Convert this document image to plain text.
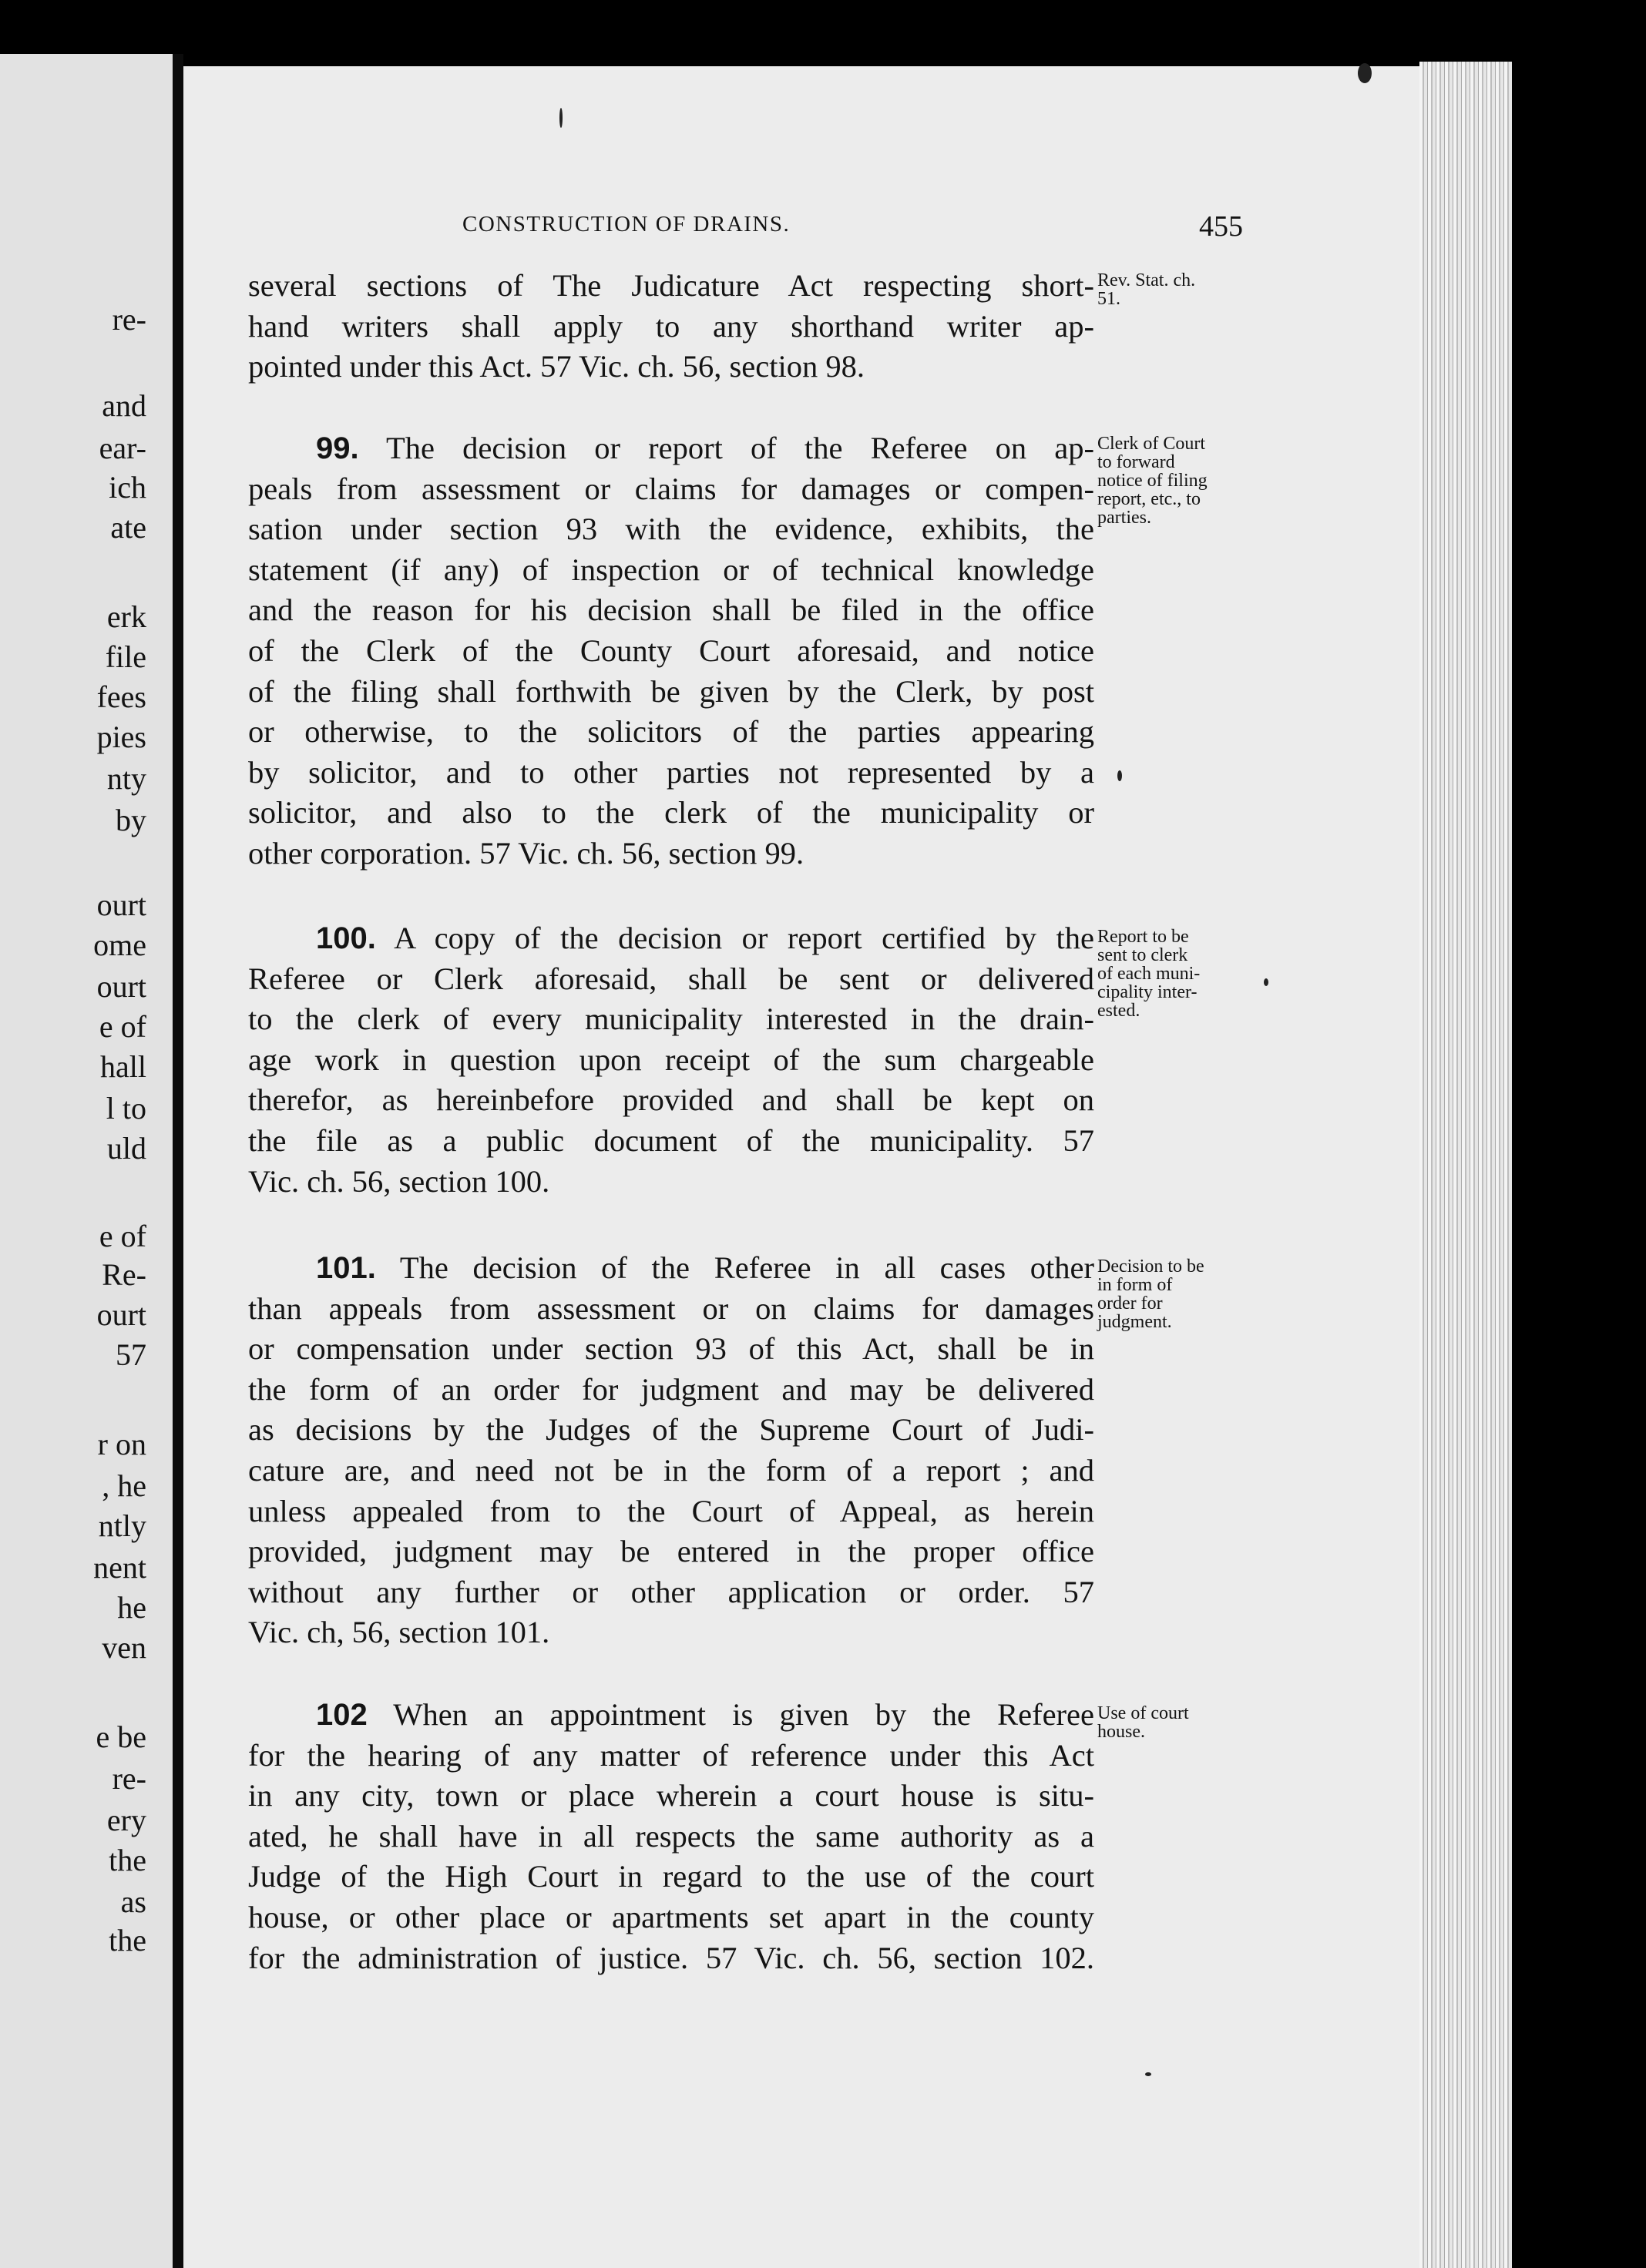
re-
and
ear-
ich
ate
erk
file
fees
pies
nty
by
ourt
ome
ourt
e of
hall
l to
uld
e of
Re-
ourt
57
r on
, he
ntly
nent
he
ven
e be
re-
ery
the
as
the
CONSTRUCTION OF DRAINS.	455
several sections of The Judicature Act respecting short-
hand writers shall apply to any shorthand writer ap-
pointed under this Act. 57 Vic. ch. 56, section 98.
Rev. Stat. ch.
51.
99. The decision or report of the Referee on ap-
peals from assessment or claims for damages or compen-
sation under section 93 with the evidence, exhibits, the
statement (if any) of inspection or of technical knowledge
and the reason for his decision shall be filed in the office
of the Clerk of the County Court aforesaid, and notice
of the filing shall forthwith be given by the Clerk, by post
or otherwise, to the solicitors of the parties appearing
by solicitor, and to other parties not represented by a
solicitor, and also to the clerk of the municipality or
other corporation. 57 Vic. ch. 56, section 99.
Clerk of Court
to forward
notice of filing
report, etc., to
parties.
100. A copy of the decision or report certified by the
Referee or Clerk aforesaid, shall be sent or delivered
to the clerk of every municipality interested in the drain-
age work in question upon receipt of the sum chargeable
therefor, as hereinbefore provided and shall be kept on
the file as a public document of the municipality. 57
Vic. ch. 56, section 100.
Report to be
sent to clerk
of each muni-
cipality inter-
ested.
101. The decision of the Referee in all cases other
than appeals from assessment or on claims for damages
or compensation under section 93 of this Act, shall be in
the form of an order for judgment and may be delivered
as decisions by the Judges of the Supreme Court of Judi-
cature are, and need not be in the form of a report ; and
unless appealed from to the Court of Appeal, as herein
provided, judgment may be entered in the proper office
without any further or other application or order. 57
Vic. ch, 56, section 101.
Decision to be
in form of
order for
judgment.
102 When an appointment is given by the Referee
for the hearing of any matter of reference under this Act
in any city, town or place wherein a court house is situ-
ated, he shall have in all respects the same authority as a
Judge of the High Court in regard to the use of the court
house, or other place or apartments set apart in the county
for the administration of justice. 57 Vic. ch. 56, section 102.
Use of court
house.
